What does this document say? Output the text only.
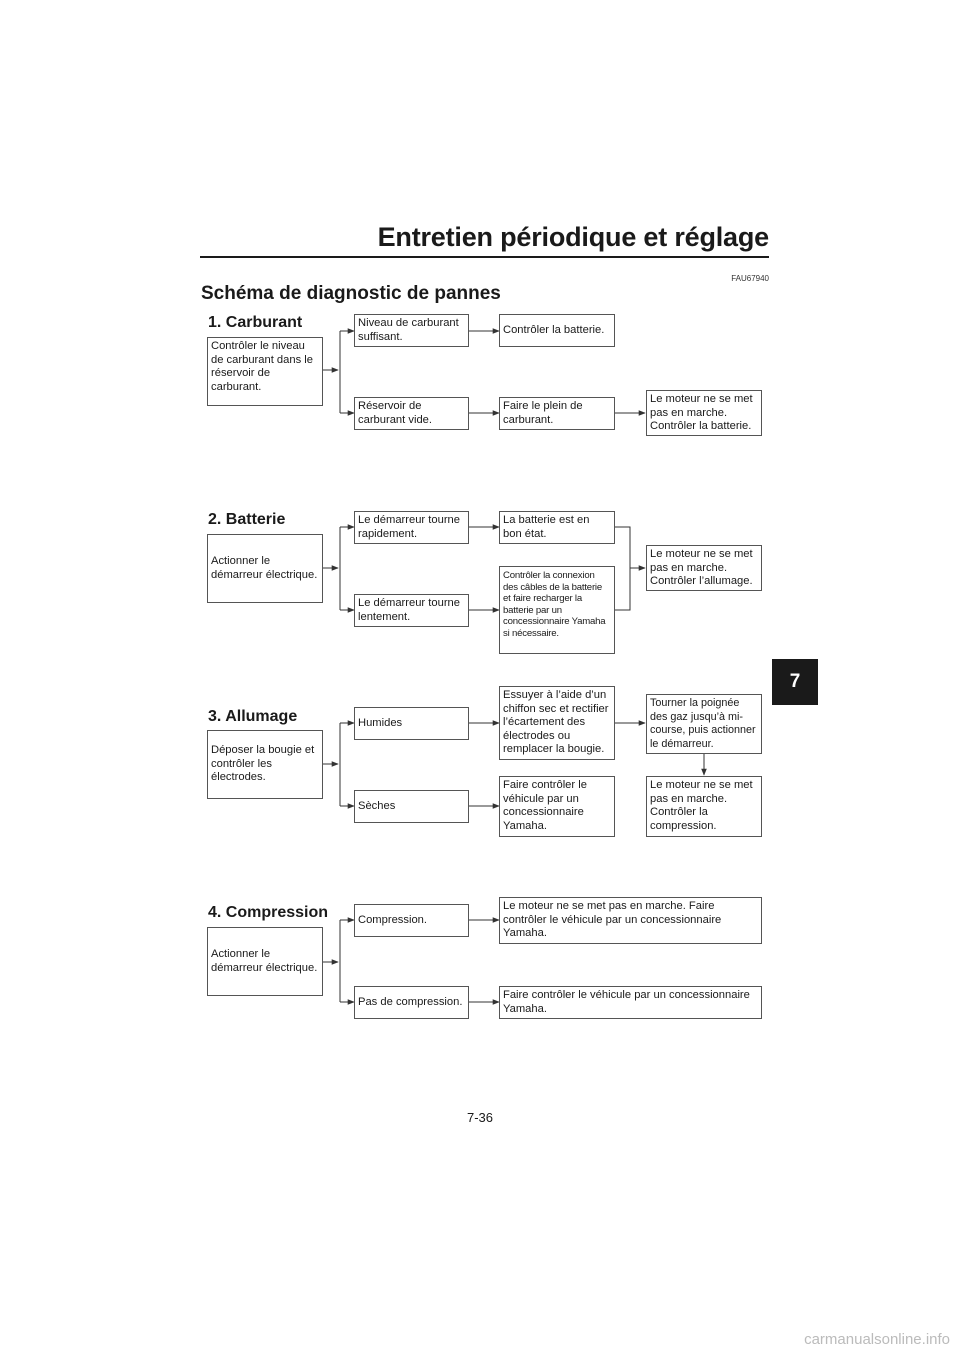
Entretien périodique et réglage
FAU67940
Schéma de diagnostic de pannes
7
1. Carburant
Contrôler le niveau de carburant dans le réservoir de carburant.
Niveau de carburant suffisant.
Réservoir de carburant vide.
Contrôler la batterie.
Faire le plein de carburant.
Le moteur ne se met pas en marche. Contrôler la batterie.
2. Batterie
Actionner le démarreur électrique.
Le démarreur tourne rapidement.
Le démarreur tourne lentement.
La batterie est en bon état.
Contrôler la connexion des câbles de la batterie et faire recharger la batterie par un concessionnaire Yamaha si nécessaire.
Le moteur ne se met pas en marche. Contrôler l’allumage.
3. Allumage
Déposer la bougie et contrôler les électrodes.
Humides
Sèches
Essuyer à l’aide d’un chiffon sec et rectifier l’écartement des électrodes ou remplacer la bougie.
Faire contrôler le véhicule par un concessionnaire Yamaha.
Tourner la poignée des gaz jusqu’à mi-course, puis actionner le démarreur.
Le moteur ne se met pas en marche. Contrôler la compression.
4. Compression
Actionner le démarreur électrique.
Compression.
Pas de compression.
Le moteur ne se met pas en marche. Faire contrôler le véhicule par un concessionnaire Yamaha.
Faire contrôler le véhicule par un concessionnaire Yamaha.
7-36
carmanualsonline.info
